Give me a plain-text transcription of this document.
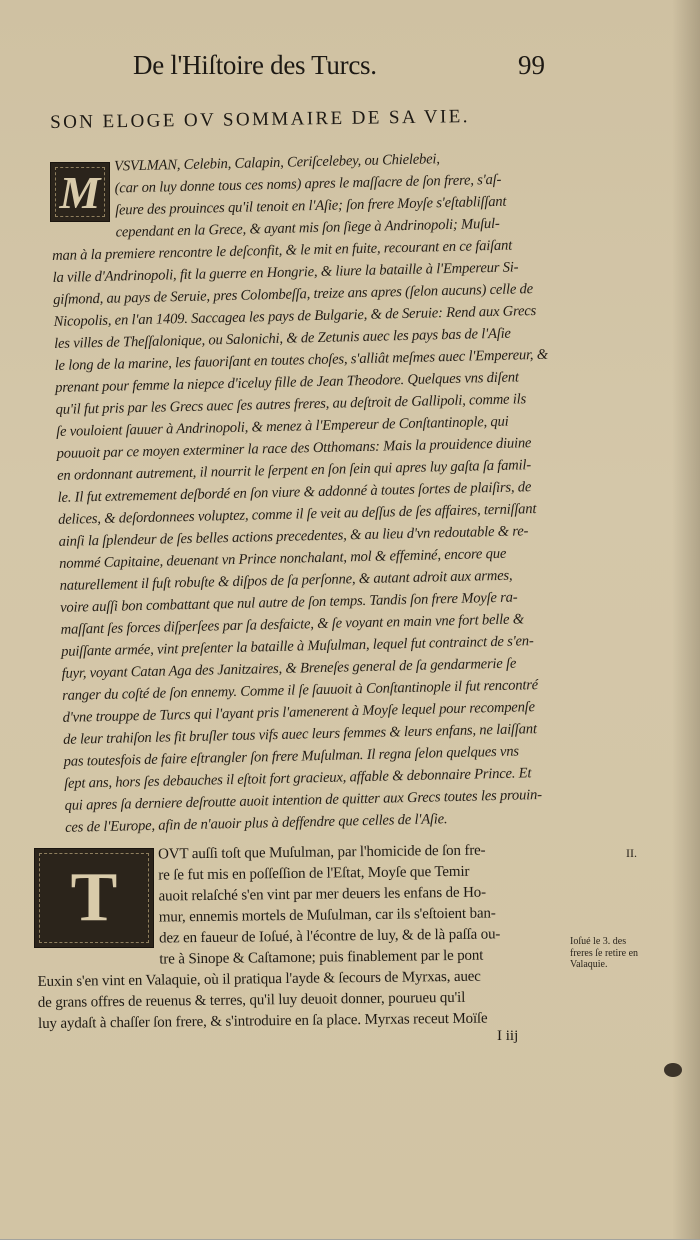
De l'Hiſtoire des Turcs.	99
SON ELOGE OV SOMMAIRE DE SA VIE.
M
VSVLMAN, Celebin, Calapin, Ceriſcelebey, ou Chielebei,
(car on luy donne tous ces noms) apres le maſſacre de ſon frere, s'aſ-
ſeure des prouinces qu'il tenoit en l'Aſie; ſon frere Moyſe s'eſtabliſſant
cependant en la Grece, & ayant mis ſon ſiege à Andrinopoli; Muſul-
man à la premiere rencontre le deſconfit, & le mit en fuite, recourant en ce faiſant
la ville d'Andrinopoli, fit la guerre en Hongrie, & liure la bataille à l'Empereur Si-
giſmond, au pays de Seruie, pres Colombeſſa, treize ans apres (ſelon aucuns) celle de
Nicopolis, en l'an 1409. Saccagea les pays de Bulgarie, & de Seruie: Rend aux Grecs
les villes de Theſſalonique, ou Salonichi, & de Zetunis auec les pays bas de l'Aſie
le long de la marine, les fauoriſant en toutes choſes, s'alliât meſmes auec l'Empereur, &
prenant pour femme la niepce d'iceluy fille de Jean Theodore. Quelques vns diſent
qu'il fut pris par les Grecs auec ſes autres freres, au deſtroit de Gallipoli, comme ils
ſe vouloient ſauuer à Andrinopoli, & menez à l'Empereur de Conſtantinople, qui
pouuoit par ce moyen exterminer la race des Otthomans: Mais la prouidence diuine
en ordonnant autrement, il nourrit le ſerpent en ſon ſein qui apres luy gaſta ſa famil-
le. Il fut extremement deſbordé en ſon viure & addonné à toutes ſortes de plaiſirs, de
delices, & deſordonnees voluptez, comme il ſe veit au deſſus de ſes affaires, terniſſant
ainſi la ſplendeur de ſes belles actions precedentes, & au lieu d'vn redoutable & re-
nommé Capitaine, deuenant vn Prince nonchalant, mol & effeminé, encore que
naturellement il fuſt robuſte & diſpos de ſa perſonne, & autant adroit aux armes,
voire auſſi bon combattant que nul autre de ſon temps. Tandis ſon frere Moyſe ra-
maſſant ſes forces diſperſees par ſa desfaicte, & ſe voyant en main vne fort belle &
puiſſante armée, vint preſenter la bataille à Muſulman, lequel fut contrainct de s'en-
fuyr, voyant Catan Aga des Janitzaires, & Breneſes general de ſa gendarmerie ſe
ranger du coſté de ſon ennemy. Comme il ſe ſauuoit à Conſtantinople il fut rencontré
d'vne trouppe de Turcs qui l'ayant pris l'amenerent à Moyſe lequel pour recompenſe
de leur trahiſon les fit bruſler tous vifs auec leurs femmes & leurs enfans, ne laiſſant
pas toutesfois de faire eſtrangler ſon frere Muſulman. Il regna ſelon quelques vns
ſept ans, hors ſes debauches il eſtoit fort gracieux, affable & debonnaire Prince. Et
qui apres ſa derniere deſroutte auoit intention de quitter aux Grecs toutes les prouin-
ces de l'Europe, afin de n'auoir plus à deffendre que celles de l'Aſie.
T
OVT auſſi toſt que Muſulman, par l'homicide de ſon fre-
re ſe fut mis en poſſeſſion de l'Eſtat, Moyſe que Temir
auoit relaſché s'en vint par mer deuers les enfans de Ho-
mur, ennemis mortels de Muſulman, car ils s'eſtoient ban-
dez en faueur de Ioſué, à l'écontre de luy, & de là paſſa ou-
tre à Sinope & Caſtamone; puis finablement par le pont
Euxin s'en vint en Valaquie, où il pratiqua l'ayde & ſecours de Myrxas, auec
de grans offres de reuenus & terres, qu'il luy deuoit donner, pourueu qu'il
luy aydaſt à chaſſer ſon frere, & s'introduire en ſa place. Myrxas receut Moïſe
II.
Ioſué le 3. des freres ſe retire en Valaquie.
I iij
